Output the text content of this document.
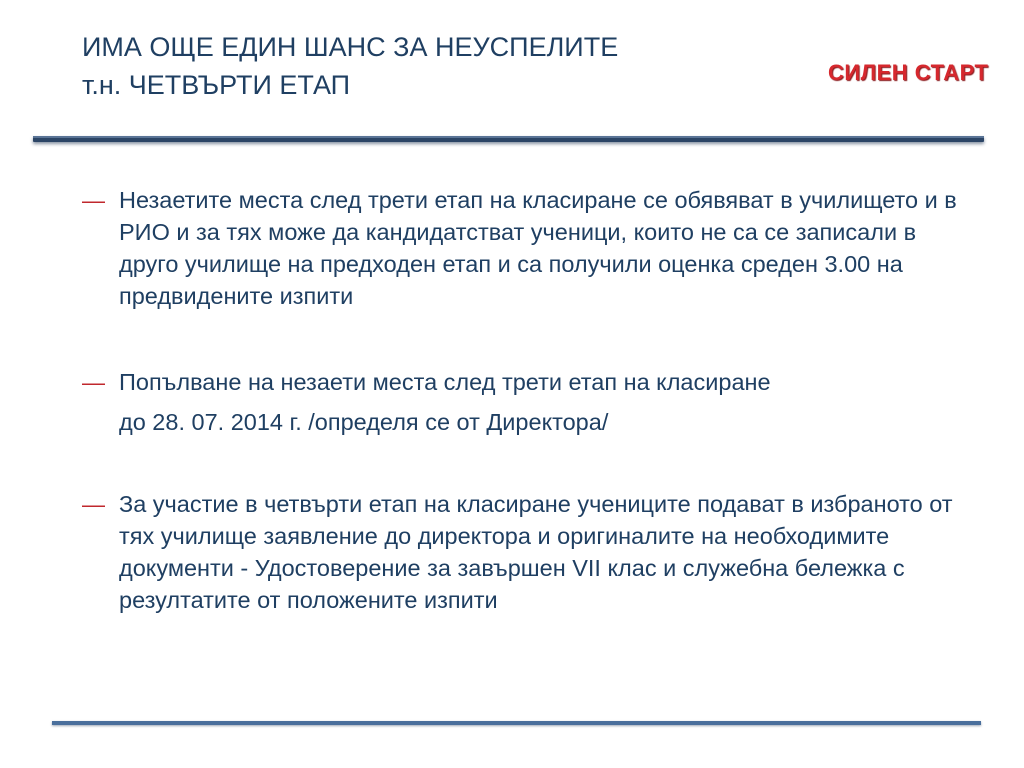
ИМА ОЩЕ ЕДИН ШАНС ЗА НЕУСПЕЛИТЕ
т.н. ЧЕТВЪРТИ ЕТАП	СИЛЕН СТАРТ
— Незаетите места след трети етап на класиране се обявяват в училището и в РИО и за тях може да кандидатстват ученици, които не са се записали в друго училище на предходен етап и са получили оценка среден 3.00 на предвидените изпити

— Попълване на незаети места след трети етап на класиране

до 28. 07. 2014 г. /определя се от Директора/

— За участие в четвърти етап на класиране учениците подават в избраното от тях училище заявление до директора и оригиналите на необходимите документи - Удостоверение за завършен VII клас и служебна бележка с резултатите от положените изпити
